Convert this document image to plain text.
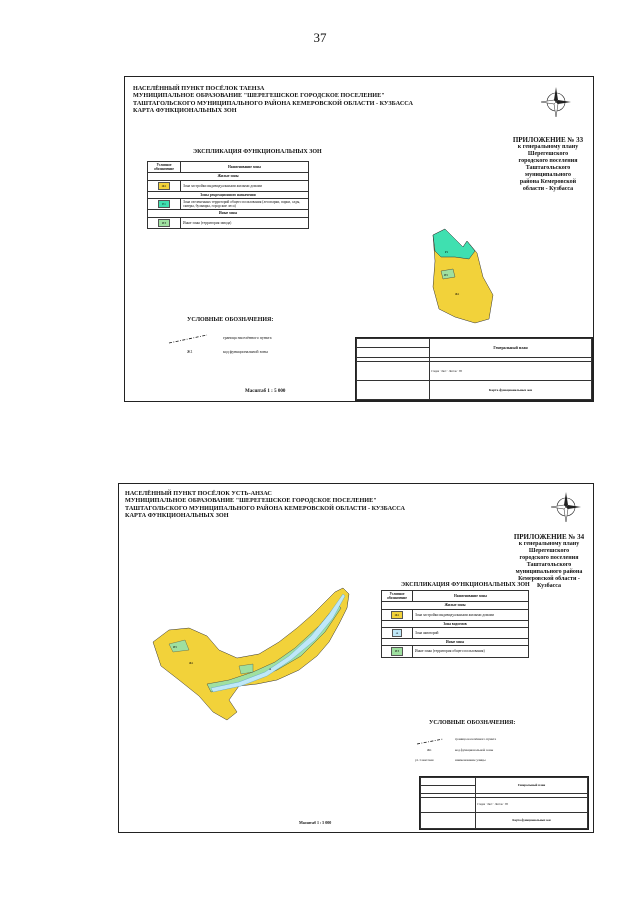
37
НАСЕЛЁННЫЙ ПУНКТ ПОСЁЛОК ТАЕНЗА
МУНИЦИПАЛЬНОЕ ОБРАЗОВАНИЕ "ШЕРЕГЕШСКОЕ ГОРОДСКОЕ ПОСЕЛЕНИЕ"
ТАШТАГОЛЬСКОГО МУНИЦИПАЛЬНОГО РАЙОНА КЕМЕРОВСКОЙ ОБЛАСТИ - КУЗБАССА
КАРТА ФУНКЦИОНАЛЬНЫХ ЗОН
ПРИЛОЖЕНИЕ № 33
к генеральному плану
Шерегешского
городского поселения
Таштагольского
муниципального
района Кемеровской
области - Кузбасса
ЭКСПЛИКАЦИЯ ФУНКЦИОНАЛЬНЫХ ЗОН
Условное обозначение	Наименование зоны
Жилые зоны	
Ж1	Зона застройки индивидуальными жилыми домами
Зоны рекреационного назначения	
Р1	Зона озелененных территорий общего пользования (лесопарки, парки, сады, скверы, бульвары, городские леса)
Иные зоны	
ИЗ	Иные зоны (территория завода)
Р1
Ж1
ИЗ
УСЛОВНЫЕ ОБОЗНАЧЕНИЯ:
граница населённого пункта
Ж1	код функциональной зоны
Масштаб 1 : 5 000
	Генеральный план

	Стадия · Лист · Листов · ГП
	Карта функциональных зон
НАСЕЛЁННЫЙ ПУНКТ ПОСЁЛОК УСТЬ-АНЗАС
МУНИЦИПАЛЬНОЕ ОБРАЗОВАНИЕ "ШЕРЕГЕШСКОЕ ГОРОДСКОЕ ПОСЕЛЕНИЕ"
ТАШТАГОЛЬСКОГО МУНИЦИПАЛЬНОГО РАЙОНА КЕМЕРОВСКОЙ ОБЛАСТИ - КУЗБАССА
КАРТА ФУНКЦИОНАЛЬНЫХ ЗОН
ПРИЛОЖЕНИЕ № 34
к генеральному плану
Шерегешского
городского поселения
Таштагольского
муниципального района
Кемеровской области -
Кузбасса
ЭКСПЛИКАЦИЯ ФУНКЦИОНАЛЬНЫХ ЗОН
Условное обозначение	Наименование зоны
Жилые зоны	
Ж1	Зона застройки индивидуальными жилыми домами
Зона водоемов	
А	Зона акваторий
Иные зоны	
ИЗ	Иные зоны (территория общего пользования)
Ж1
ИЗ
А
УСЛОВНЫЕ ОБОЗНАЧЕНИЯ:
граница населённого пункта
Ж1	код функциональной зоны
ул. Советская	наименование улицы
Масштаб 1 : 5 000
	Генеральный план

	Стадия · Лист · Листов · ГП
	Карта функциональных зон
